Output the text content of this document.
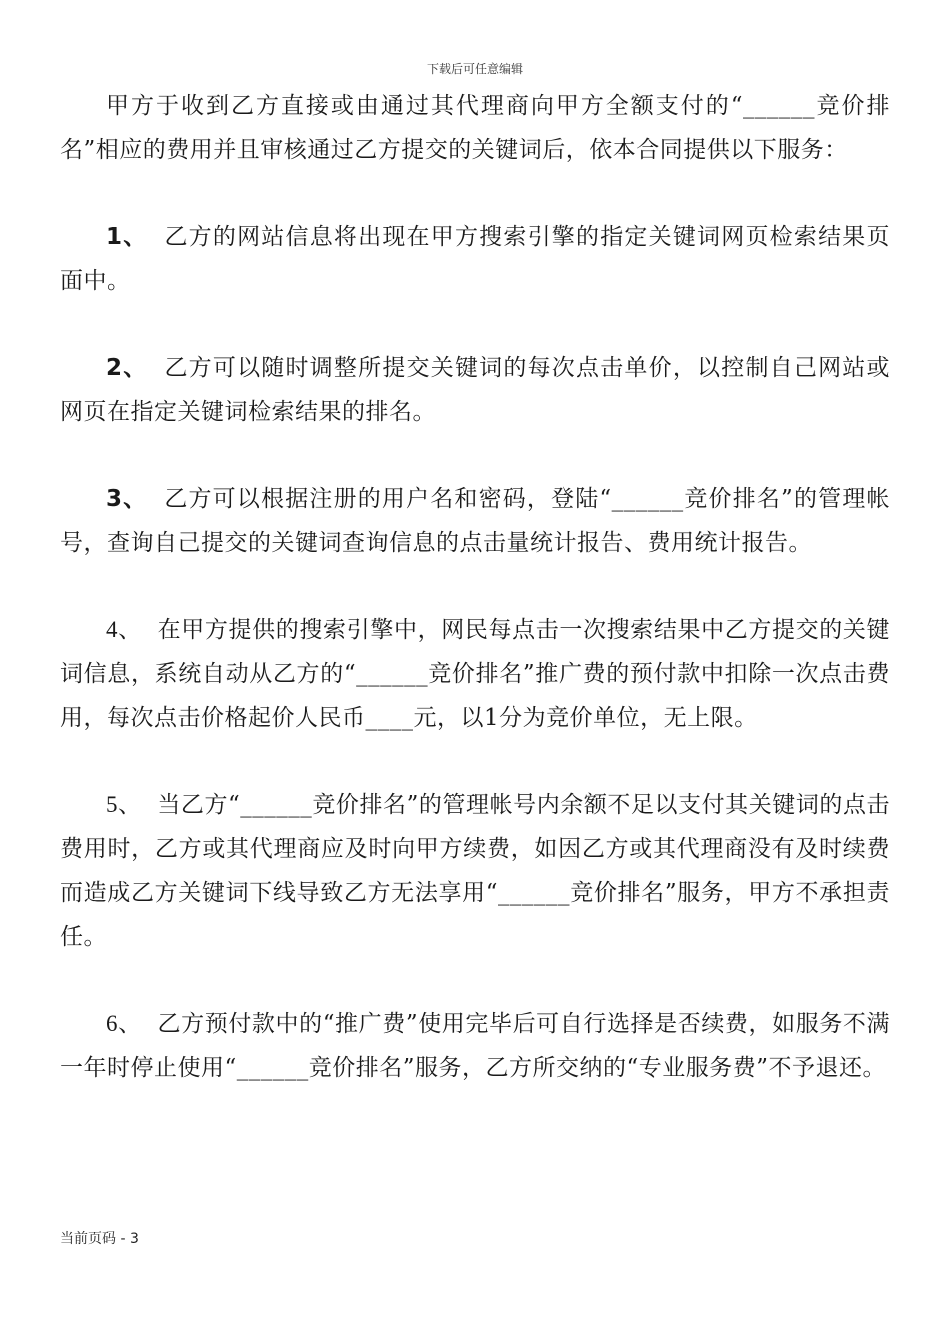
下载后可任意编辑

甲方于收到乙方直接或由通过其代理商向甲方全额支付的“______竞价排名”相应的费用并且审核通过乙方提交的关键词后，依本合同提供以下服务：

1、 乙方的网站信息将出现在甲方搜索引擎的指定关键词网页检索结果页面中。

2、 乙方可以随时调整所提交关键词的每次点击单价，以控制自己网站或网页在指定关键词检索结果的排名。

3、 乙方可以根据注册的用户名和密码，登陆“______竞价排名”的管理帐号，查询自己提交的关键词查询信息的点击量统计报告、费用统计报告。

4、 在甲方提供的搜索引擎中，网民每点击一次搜索结果中乙方提交的关键词信息，系统自动从乙方的“______竞价排名”推广费的预付款中扣除一次点击费用，每次点击价格起价人民币____元，以1分为竞价单位，无上限。

5、 当乙方“______竞价排名”的管理帐号内余额不足以支付其关键词的点击费用时，乙方或其代理商应及时向甲方续费，如因乙方或其代理商没有及时续费而造成乙方关键词下线导致乙方无法享用“______竞价排名”服务，甲方不承担责任。

6、 乙方预付款中的“推广费”使用完毕后可自行选择是否续费，如服务不满一年时停止使用“______竞价排名”服务，乙方所交纳的“专业服务费”不予退还。

当前页码 - 3
